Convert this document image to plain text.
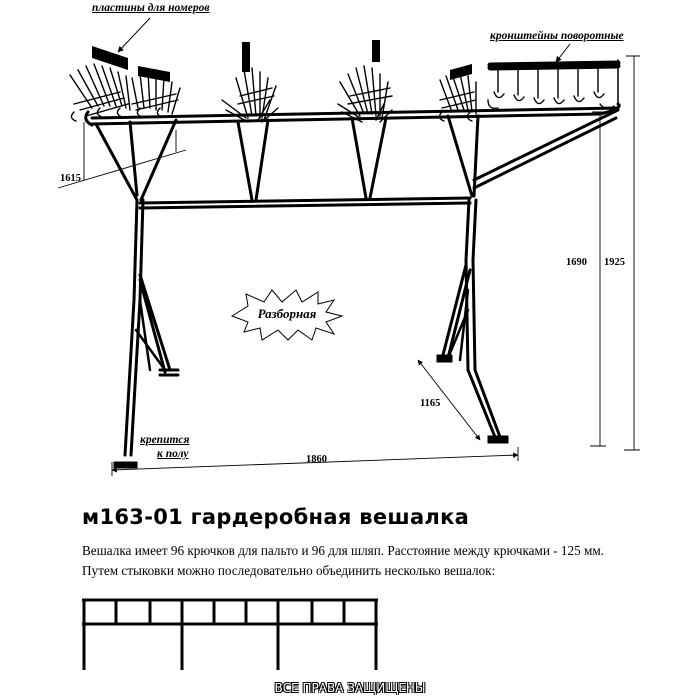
пластины для номеров
кронштейны поворотные
крепится
к полу
1615
1690 1925
1165
1860
Разборная
м163-01 гардеробная вешалка
Вешалка имеет 96 крючков для пальто и 96 для шляп. Расстояние между крючками - 125 мм.
Путем стыковки можно последовательно объединить несколько вешалок:
ВСЕ ПРАВА ЗАЩИЩЕНЫ
